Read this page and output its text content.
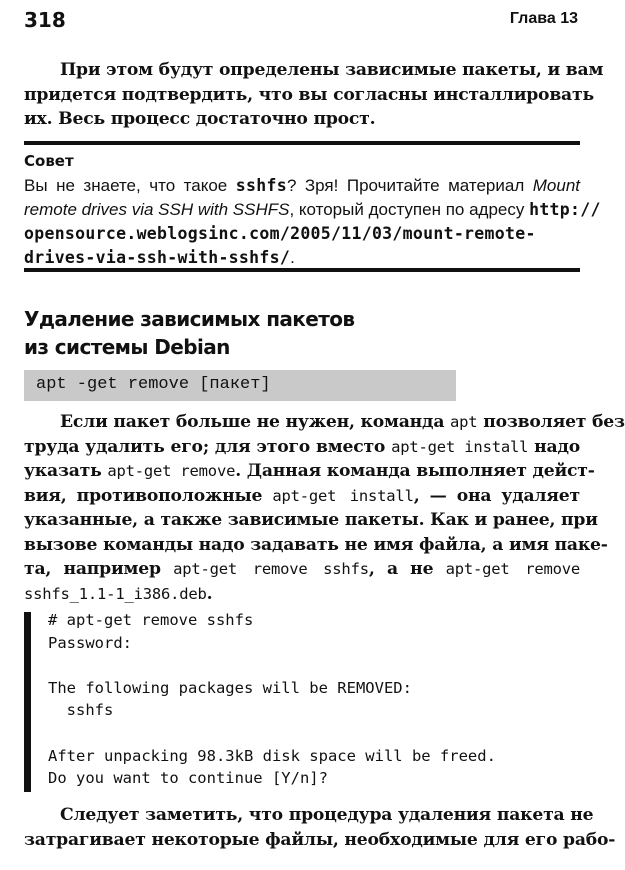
318	Глава 13
При этом будут определены зависимые пакеты, и вам
придется подтвердить, что вы согласны инсталлировать
их. Весь процесс достаточно прост.
Совет
Вы не знаете, что такое sshfs? Зря! Прочитайте материал Mount
remote drives via SSH with SSHFS, который доступен по адресу http://
opensource.weblogsinc.com/2005/11/03/mount-remote-
drives-via-ssh-with-sshfs/.
Удаление зависимых пакетов
из системы Debian
apt -get remove [пакет]
Если пакет больше не нужен, команда apt позволяет без
труда удалить его; для этого вместо apt-get install надо
указать apt-get remove. Данная команда выполняет дейст-
вия, противоположные apt-get install, — она удаляет
указанные, а также зависимые пакеты. Как и ранее, при
вызове команды надо задавать не имя файла, а имя паке-
та, например apt-get remove sshfs, а не apt-get remove
sshfs_1.1-1_i386.deb.
# apt-get remove sshfs
Password:
The following packages will be REMOVED:
sshfs
After unpacking 98.3kB disk space will be freed.
Do you want to continue [Y/n]?
Следует заметить, что процедура удаления пакета не
затрагивает некоторые файлы, необходимые для его рабо-
